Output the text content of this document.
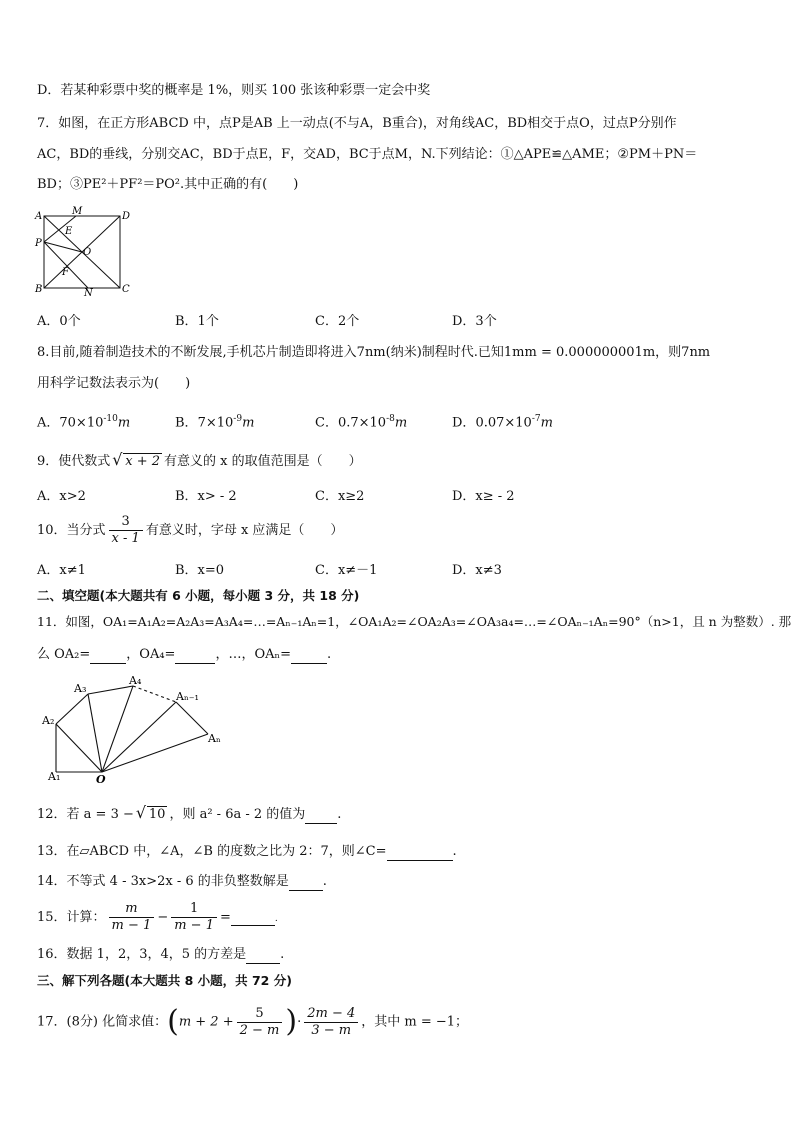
D．若某种彩票中奖的概率是 1%，则买 100 张该种彩票一定会中奖
7．如图，在正方形ABCD 中，点P是AB 上一动点(不与A，B重合)，对角线AC，BD相交于点O，过点P分别作
AC，BD的垂线，分别交AC，BD于点E，F，交AD，BC于点M，N.下列结论：①△APE≌△AME；②PM＋PN＝
BD；③PE²＋PF²＝PO².其中正确的有(　　)
A	M	D
E
P
O
F
B	N	C
A．0个	B．1个	C．2个	D．3个
8.目前,随着制造技术的不断发展,手机芯片制造即将进入7nm(纳米)制程时代.已知1mm = 0.000000001m，则7nm
用科学记数法表示为(　　)
A．$70\times 10^{-10}m$	B．$7\times 10^{-9}m$	C．$0.7\times 10^{-8}m$	D．$0.07\times 10^{-7}m$
9．使代数式 √ x + 2 有意义的 x 的取值范围是（　　）
A．x>2	B．x> - 2	C．x≥2	D．x≥ - 2
10．当分式 $\frac{3}{x - 1}$ 有意义时，字母 x 应满足（　　）
A．x≠1	B．x=0	C．x≠－1	D．x≠3
二、填空题(本大题共有 6 小题，每小题 3 分，共 18 分)
11．如图，OA₁=A₁A₂=A₂A₃=A₃A₄=…=Aₙ₋₁Aₙ=1，∠OA₁A₂=∠OA₂A₃=∠OA₃a₄=…=∠OAₙ₋₁Aₙ=90°（n>1，且 n 为整数）. 那
么 OA₂=	，OA₄=	，…，OAₙ=	.
A₁
A₂
A₃
A₄
Aₙ₋₁
Aₙ
O
12．若 a = 3 − √ 10 ，则 a² - 6a - 2 的值为 .
13．在▱ABCD 中，∠A，∠B 的度数之比为 2：7，则∠C=	.
14．不等式 4 - 3x>2x - 6 的非负整数解是	.
15．计算： $\frac{m}{m - 1} - \frac{1}{m - 1}$ =	.
16．数据 1，2，3，4，5 的方差是	.
三、解下列各题(本大题共 8 小题，共 72 分)
17．(8分) 化简求值：($m + 2 + \frac{5}{2 - m}$ )· $\frac{2m - 4}{3 - m}$ ，其中 m = −1；
